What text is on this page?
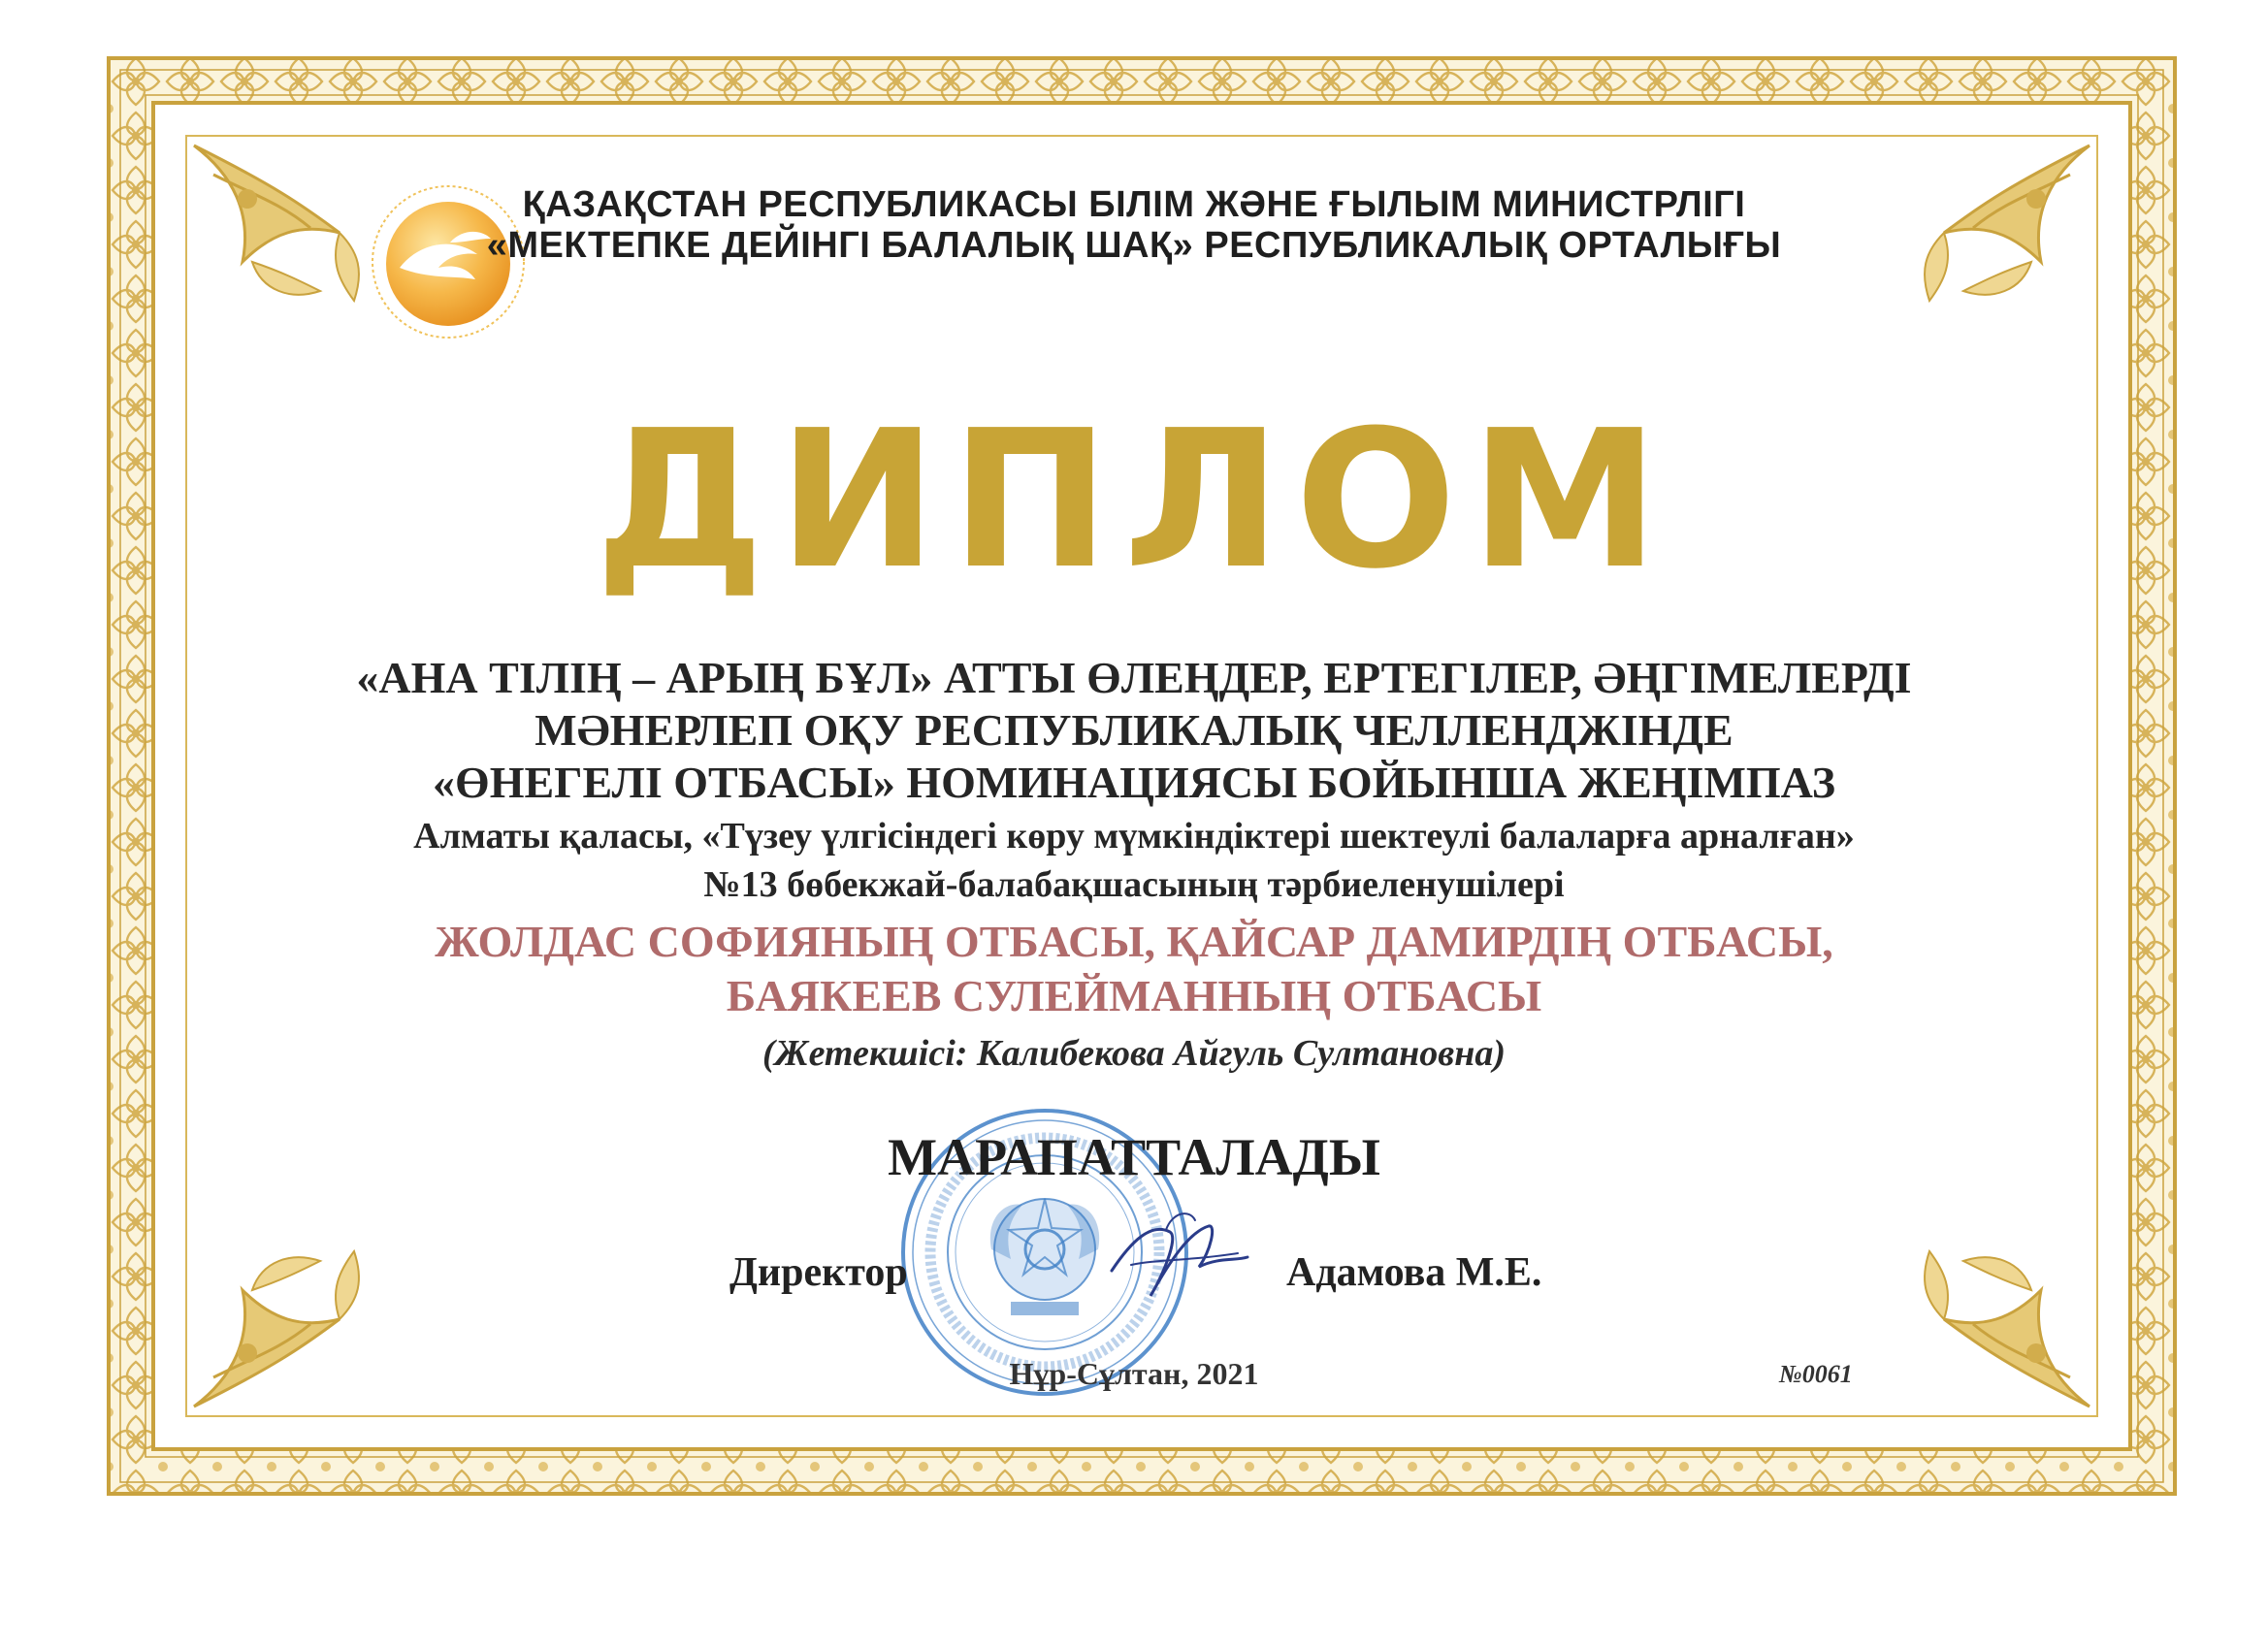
ҚАЗАҚСТАН РЕСПУБЛИКАСЫ БІЛІМ ЖӘНЕ ҒЫЛЫМ МИНИСТРЛІГІ
«МЕКТЕПКЕ ДЕЙІНГІ БАЛАЛЫҚ ШАҚ» РЕСПУБЛИКАЛЫҚ ОРТАЛЫҒЫ
ДИПЛОМ
«АНА ТІЛІҢ – АРЫҢ БҰЛ» АТТЫ ӨЛЕҢДЕР, ЕРТЕГІЛЕР, ӘҢГІМЕЛЕРДІ
МӘНЕРЛЕП ОҚУ РЕСПУБЛИКАЛЫҚ ЧЕЛЛЕНДЖІНДЕ
«ӨНЕГЕЛІ ОТБАСЫ» НОМИНАЦИЯСЫ БОЙЫНША ЖЕҢІМПАЗ
Алматы қаласы, «Түзеу үлгісіндегі көру мүмкіндіктері шектеулі балаларға арналған»
№13 бөбекжай-балабақшасының тәрбиеленушілері
ЖОЛДАС СОФИЯНЫҢ ОТБАСЫ, ҚАЙСАР ДАМИРДІҢ ОТБАСЫ,
БАЯКЕЕВ СУЛЕЙМАННЫҢ ОТБАСЫ
(Жетекшісі: Калибекова Айгуль Султановна)
МАРАПАТТАЛАДЫ
Директор	Адамова М.Е.
Нұр-Сұлтан, 2021	№0061
